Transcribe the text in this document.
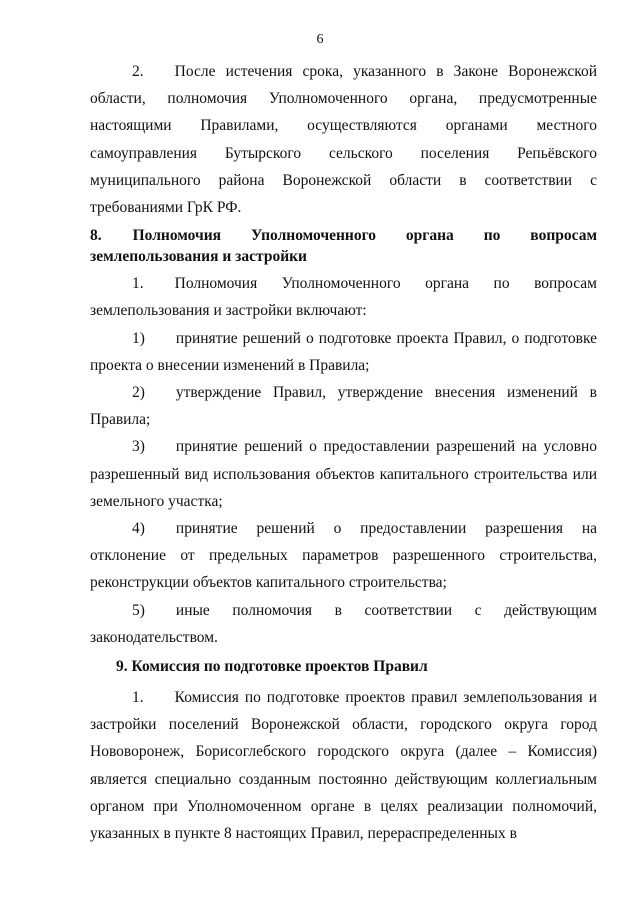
6

2.  После истечения срока, указанного в Законе Воронежской области, полномочия Уполномоченного органа, предусмотренные настоящими Правилами, осуществляются органами местного самоуправления Бутырского сельского поселения Репьёвского муниципального района Воронежской области в соответствии с требованиями ГрК РФ.

8.  Полномочия Уполномоченного органа по вопросам землепользования и застройки

1.  Полномочия Уполномоченного органа по вопросам землепользования и застройки включают:

1)  принятие решений о подготовке проекта Правил, о подготовке проекта о внесении изменений в Правила;

2)  утверждение Правил, утверждение внесения изменений в Правила;

3)  принятие решений о предоставлении разрешений на условно разрешенный вид использования объектов капитального строительства или земельного участка;

4)  принятие решений о предоставлении разрешения на отклонение от предельных параметров разрешенного строительства, реконструкции объектов капитального строительства;

5)  иные полномочия в соответствии с действующим законодательством.

9. Комиссия по подготовке проектов Правил

1.  Комиссия по подготовке проектов правил землепользования и застройки поселений Воронежской области, городского округа город Нововоронеж, Борисоглебского городского округа (далее – Комиссия) является специально созданным постоянно действующим коллегиальным органом при Уполномоченном органе в целях реализации полномочий, указанных в пункте 8 настоящих Правил, перераспределенных в
